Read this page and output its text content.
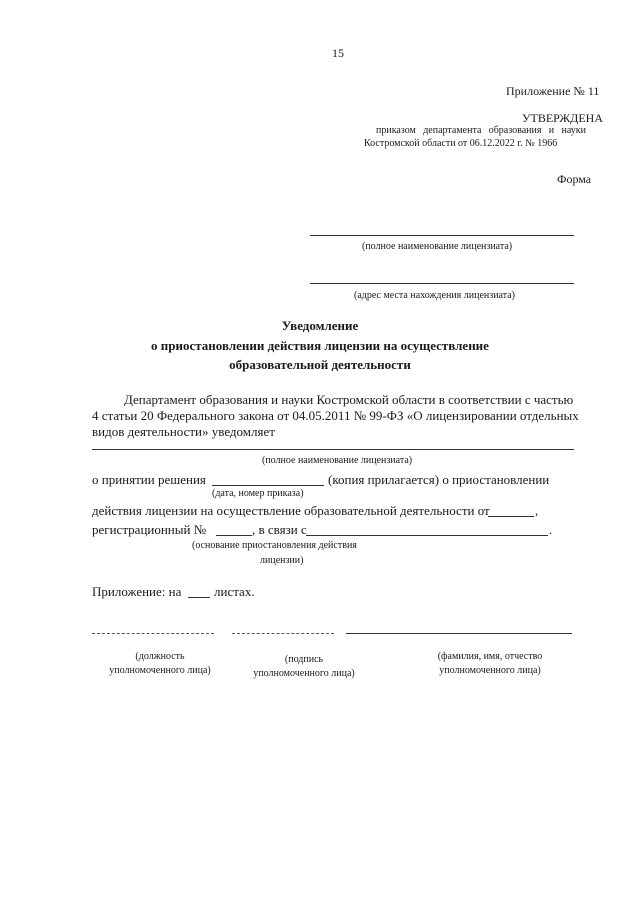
15
Приложение № 11
УТВЕРЖДЕНА
приказом департамента образования и науки
Костромской области от 06.12.2022 г. № 1966
Форма
(полное наименование лицензиата)
(адрес места нахождения лицензиата)
Уведомление
о приостановлении действия лицензии на осуществление
образовательной деятельности
Департамент образования и науки Костромской области в соответствии с частью
4 статьи 20 Федерального закона от 04.05.2011 № 99-ФЗ «О лицензировании отдельных
видов деятельности» уведомляет
(полное наименование лицензиата)
о принятии решения	(копия прилагается) о приостановлении
(дата, номер приказа)
действия лицензии на осуществление образовательной деятельности от	,
регистрационный №	, в связи с	.
(основание приостановления действия
лицензии)
Приложение: на	листах.
(должность
уполномоченного лица)
(подпись
уполномоченного лица)
(фамилия, имя, отчество
уполномоченного лица)
